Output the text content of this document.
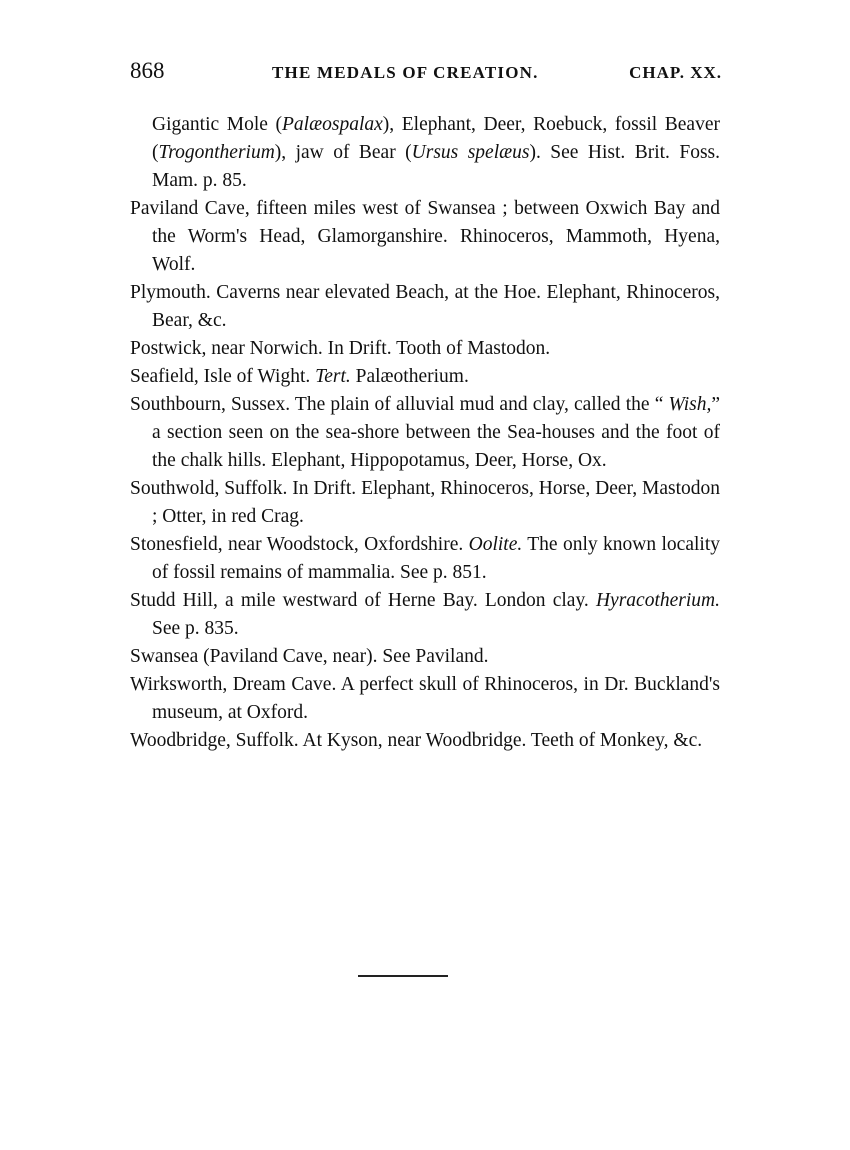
868	THE MEDALS OF CREATION.	CHAP. XX.

Gigantic Mole (Palæospalax), Elephant, Deer, Roebuck, fossil Beaver (Trogontherium), jaw of Bear (Ursus spelæus). See Hist. Brit. Foss. Mam. p. 85.

Paviland Cave, fifteen miles west of Swansea ; between Oxwich Bay and the Worm's Head, Glamorganshire. Rhinoceros, Mammoth, Hyena, Wolf.

Plymouth. Caverns near elevated Beach, at the Hoe. Elephant, Rhinoceros, Bear, &c.

Postwick, near Norwich. In Drift. Tooth of Mastodon.

Seafield, Isle of Wight. Tert. Palæotherium.

Southbourn, Sussex. The plain of alluvial mud and clay, called the “ Wish,” a section seen on the sea-shore between the Sea-houses and the foot of the chalk hills. Elephant, Hippopotamus, Deer, Horse, Ox.

Southwold, Suffolk. In Drift. Elephant, Rhinoceros, Horse, Deer, Mastodon ; Otter, in red Crag.

Stonesfield, near Woodstock, Oxfordshire. Oolite. The only known locality of fossil remains of mammalia. See p. 851.

Studd Hill, a mile westward of Herne Bay. London clay. Hyracotherium. See p. 835.

Swansea (Paviland Cave, near). See Paviland.

Wirksworth, Dream Cave. A perfect skull of Rhinoceros, in Dr. Buckland's museum, at Oxford.

Woodbridge, Suffolk. At Kyson, near Woodbridge. Teeth of Monkey, &c.
